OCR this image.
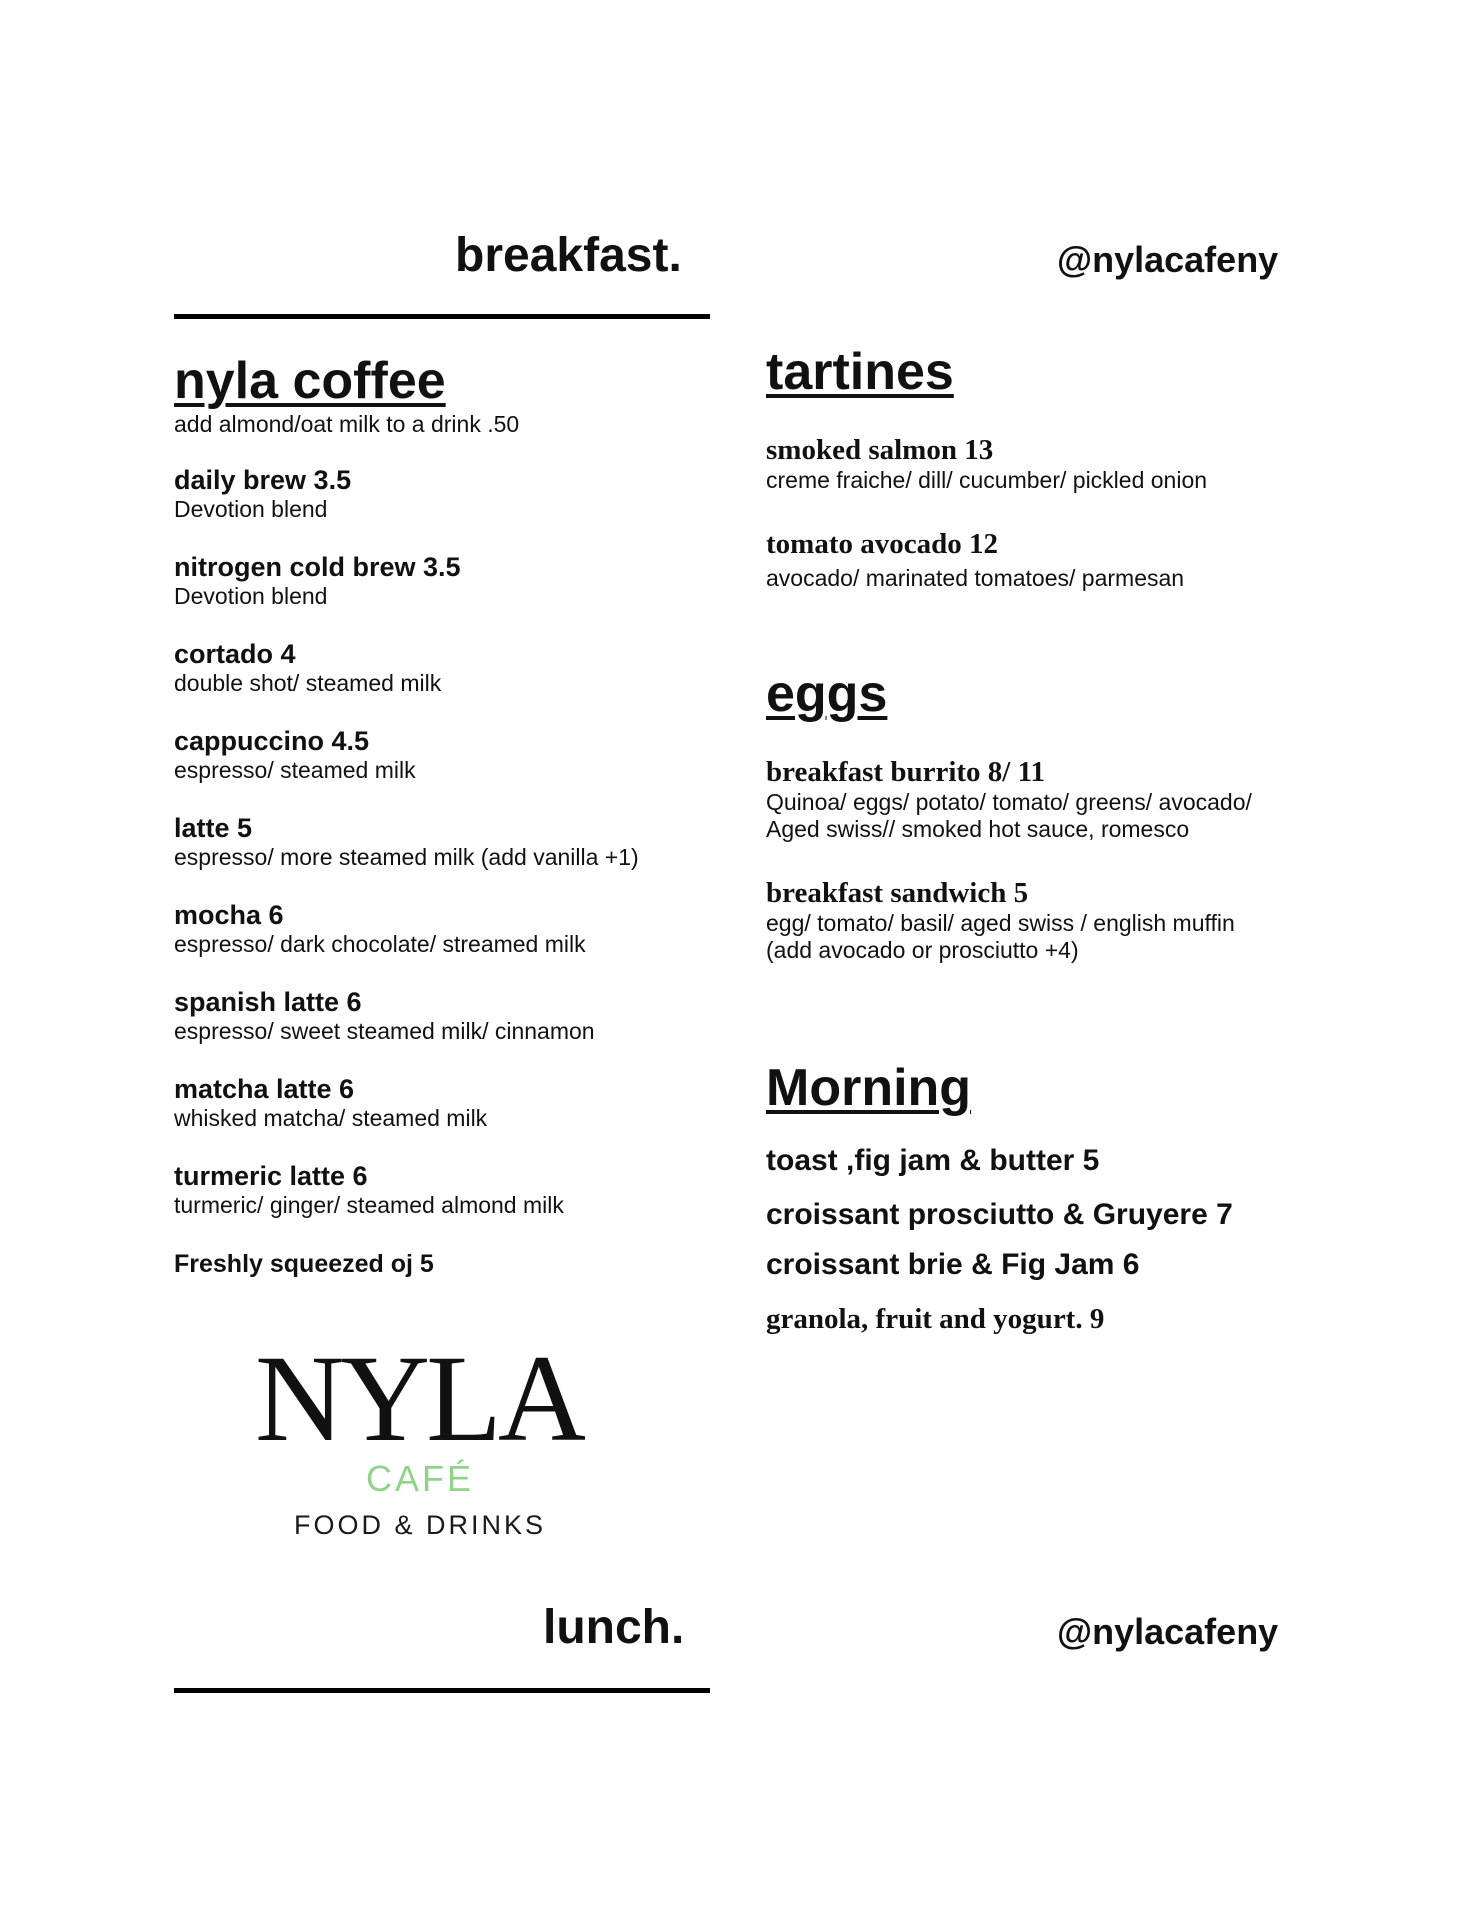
breakfast.	@nylacafeny
nyla coffee
add almond/oat milk to a drink .50
daily brew 3.5
Devotion blend
nitrogen cold brew 3.5
Devotion blend
cortado 4
double shot/ steamed milk
cappuccino 4.5
espresso/ steamed milk
latte 5
espresso/ more steamed milk (add vanilla +1)
mocha 6
espresso/ dark chocolate/ streamed milk
spanish latte 6
espresso/ sweet steamed milk/ cinnamon
matcha latte 6
whisked matcha/ steamed milk
turmeric latte 6
turmeric/ ginger/ steamed almond milk
Freshly squeezed oj 5
NYLA
CAFÉ
FOOD & DRINKS
lunch.	@nylacafeny
tartines
smoked salmon 13
creme fraiche/ dill/ cucumber/ pickled onion
tomato avocado 12
avocado/ marinated tomatoes/ parmesan
eggs
breakfast burrito 8/ 11
Quinoa/ eggs/ potato/ tomato/ greens/ avocado/
Aged swiss// smoked hot sauce, romesco
breakfast sandwich 5
egg/ tomato/ basil/ aged swiss / english muffin
(add avocado or prosciutto +4)
Morning
toast ,fig jam & butter 5
croissant prosciutto & Gruyere 7
croissant brie & Fig Jam 6
granola, fruit and yogurt. 9
